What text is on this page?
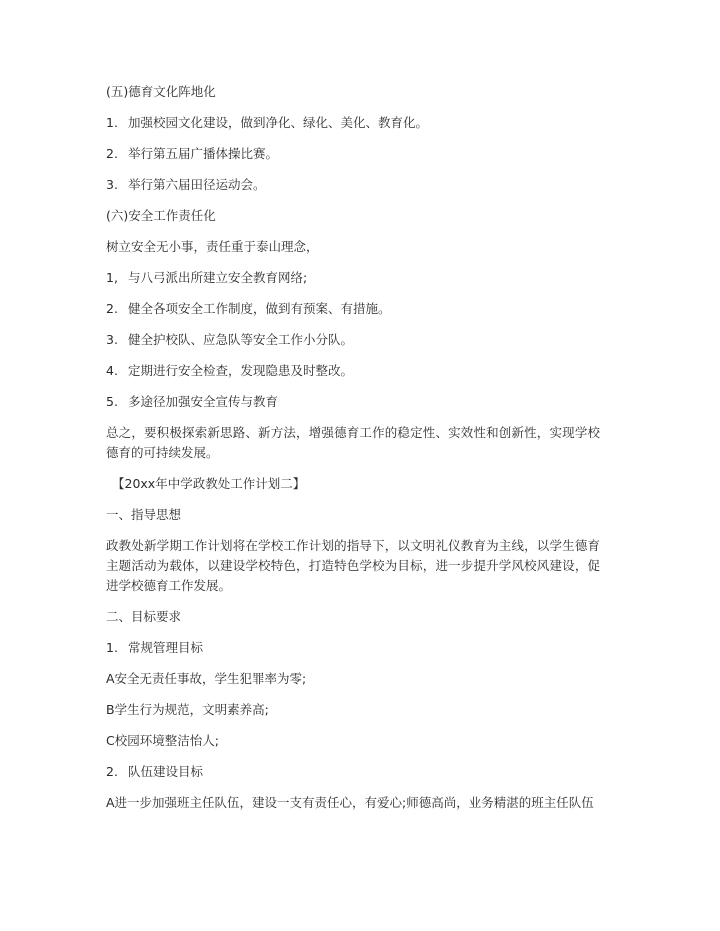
(五)德育文化阵地化
1. 加强校园文化建设，做到净化、绿化、美化、教育化。
2. 举行第五届广播体操比赛。
3. 举行第六届田径运动会。
(六)安全工作责任化
树立安全无小事，责任重于泰山理念，
1, 与八弓派出所建立安全教育网络;
2. 健全各项安全工作制度，做到有预案、有措施。
3. 健全护校队、应急队等安全工作小分队。
4. 定期进行安全检查，发现隐患及时整改。
5. 多途径加强安全宣传与教育
总之，要积极探索新思路、新方法，增强德育工作的稳定性、实效性和创新性，实现学校德育的可持续发展。
【20xx年中学政教处工作计划二】
一、指导思想
政教处新学期工作计划将在学校工作计划的指导下，以文明礼仪教育为主线，以学生德育主题活动为载体，以建设学校特色，打造特色学校为目标，进一步提升学风校风建设，促进学校德育工作发展。
二、目标要求
1. 常规管理目标
A安全无责任事故，学生犯罪率为零;
B学生行为规范，文明素养高;
C校园环境整洁怡人;
2. 队伍建设目标
A进一步加强班主任队伍，建设一支有责任心，有爱心;师德高尚，业务精湛的班主任队伍
